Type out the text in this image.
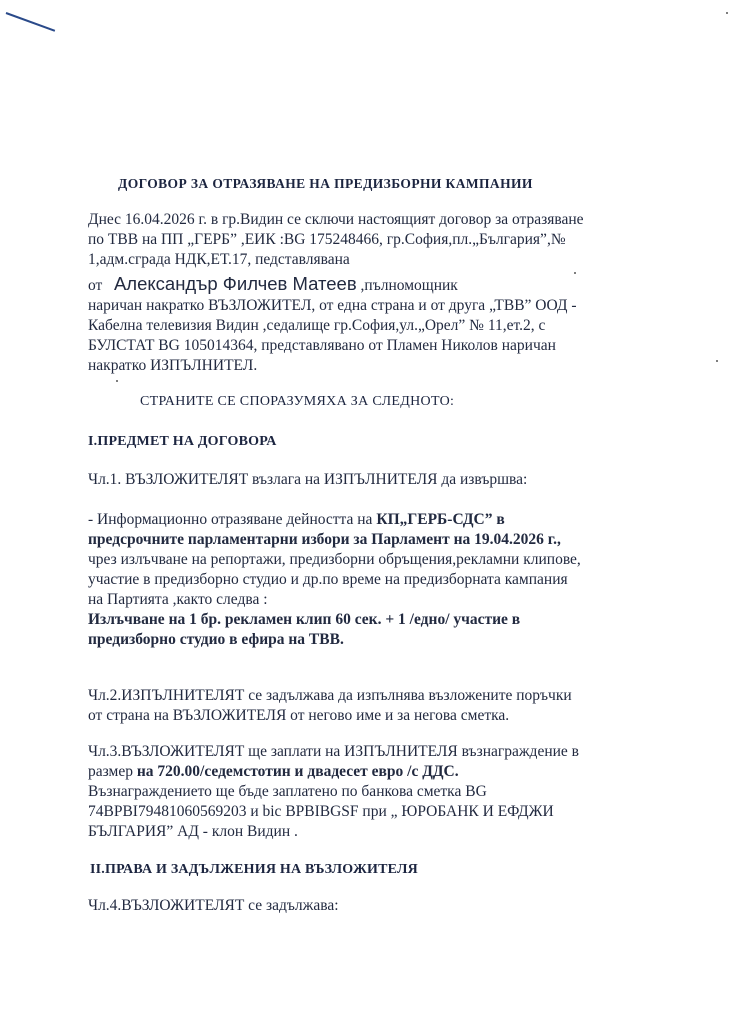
ДОГОВОР ЗА ОТРАЗЯВАНЕ НА ПРЕДИЗБОРНИ КАМПАНИИ
Днес 16.04.2026 г. в гр.Видин се сключи настоящият договор за отразяване
по ТВВ на ПП „ГЕРБ” ,ЕИК :BG 175248466, гр.София,пл.„България”,№
1,адм.сграда НДК,ЕТ.17, педставлявана
от Александър Филчев Матеев ,пълномощник
наричан накратко ВЪЗЛОЖИТЕЛ, от една страна и от друга „ТВВ” ООД -
Кабелна телевизия Видин ,седалище гр.София,ул.„Орел” № 11,ет.2, с
БУЛСТАТ BG 105014364, представлявано от Пламен Николов наричан
накратко ИЗПЪЛНИТЕЛ.
СТРАНИТЕ СЕ СПОРАЗУМЯХА ЗА СЛЕДНОТО:
I.ПРЕДМЕТ НА ДОГОВОРА
Чл.1. ВЪЗЛОЖИТЕЛЯТ възлага на ИЗПЪЛНИТЕЛЯ да извършва:
- Информационно отразяване дейността на КП„ГЕРБ-СДС” в
предсрочните парламентарни избори за Парламент на 19.04.2026 г.,
чрез излъчване на репортажи, предизборни обръщения,рекламни клипове,
участие в предизборно студио и др.по време на предизборната кампания
на Партията ,както следва :
Излъчване на 1 бр. рекламен клип 60 сек. + 1 /едно/ участие в
предизборно студио в ефира на ТВВ.
Чл.2.ИЗПЪЛНИТЕЛЯТ се задължава да изпълнява възложените поръчки
от страна на ВЪЗЛОЖИТЕЛЯ от негово име и за негова сметка.
Чл.3.ВЪЗЛОЖИТЕЛЯТ ще заплати на ИЗПЪЛНИТЕЛЯ възнаграждение в
размер на 720.00/седемстотин и двадесет евро /с ДДС.
Възнаграждението ще бъде заплатено по банкова сметка BG
74BPBI79481060569203 и bic BPBIBGSF при „ ЮРОБАНК И ЕФДЖИ
БЪЛГАРИЯ” АД - клон Видин .
II.ПРАВА И ЗАДЪЛЖЕНИЯ НА ВЪЗЛОЖИТЕЛЯ
Чл.4.ВЪЗЛОЖИТЕЛЯТ се задължава:
